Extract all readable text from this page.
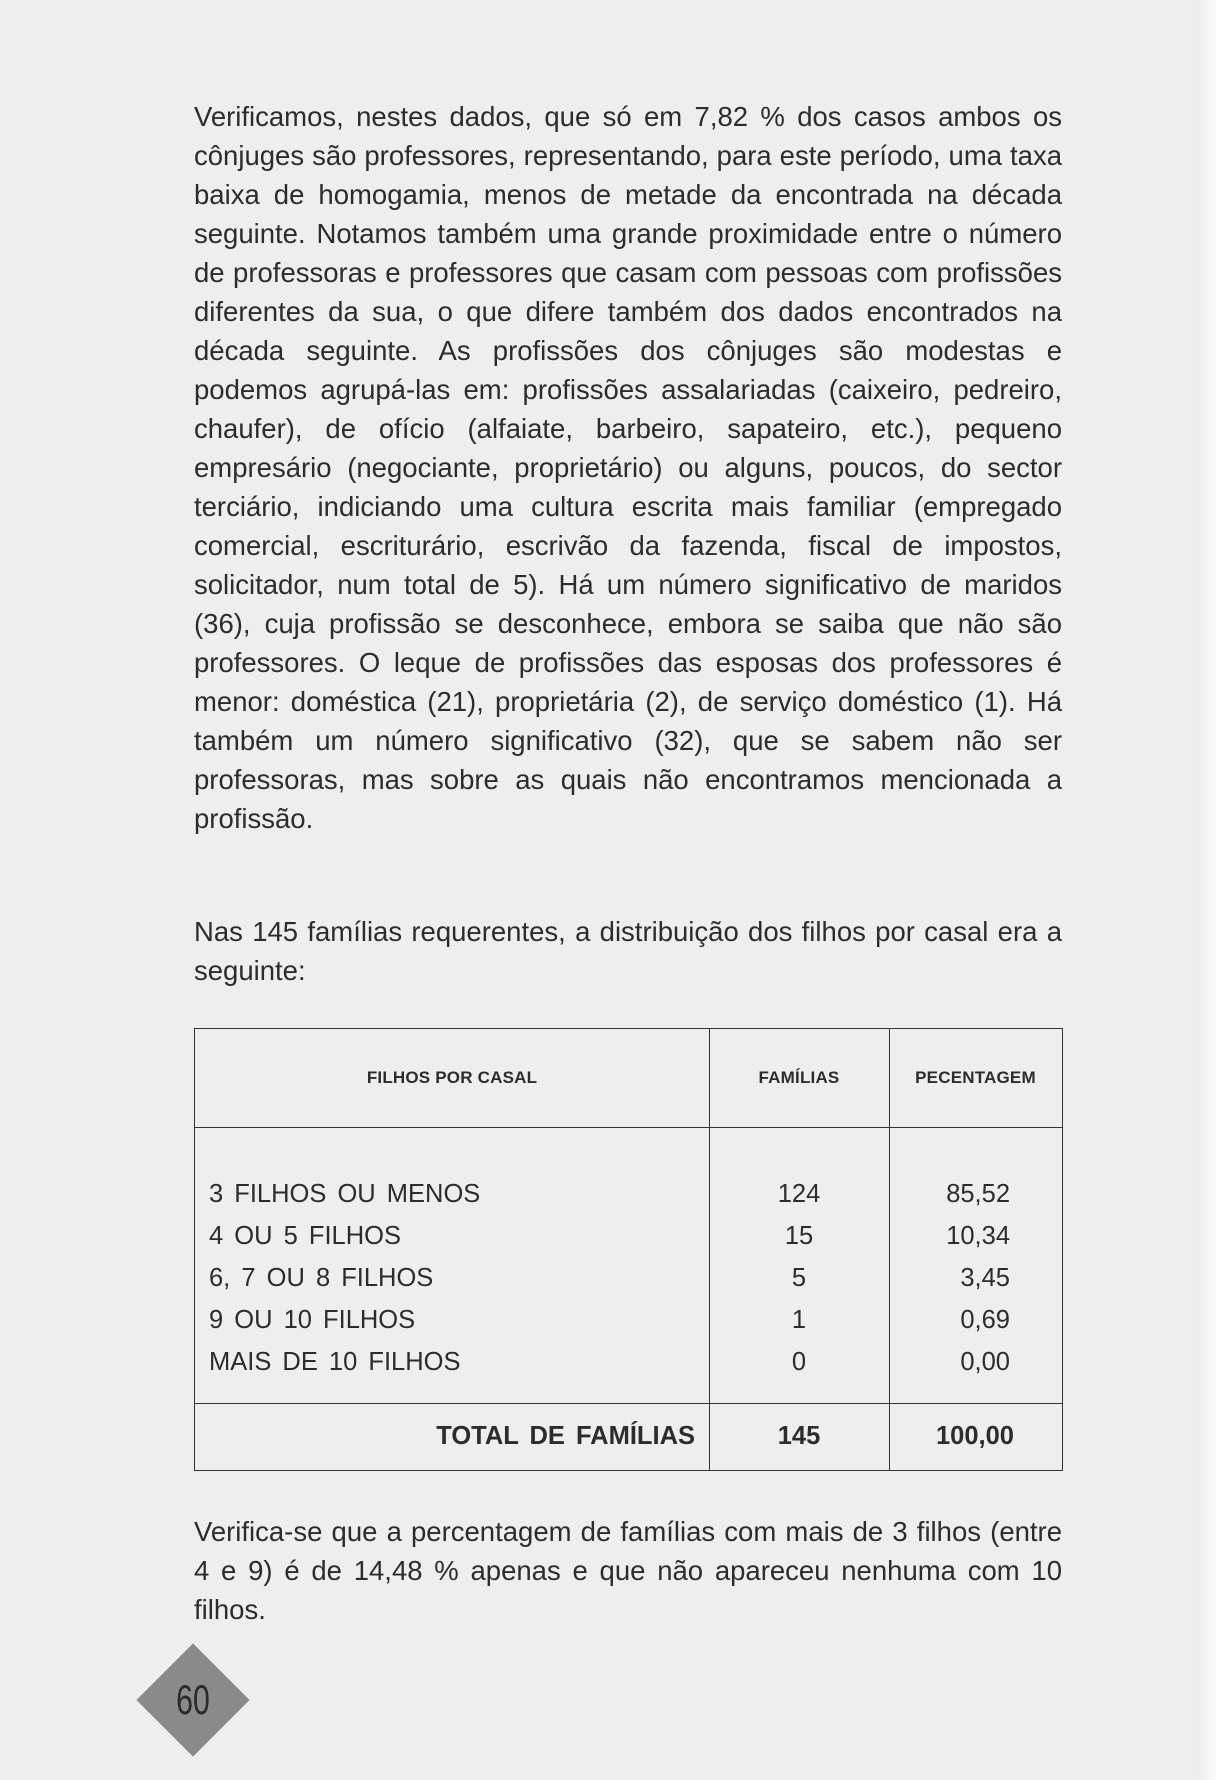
Verificamos, nestes dados, que só em 7,82 % dos casos ambos os cônjuges são professores, representando, para este período, uma taxa baixa de homogamia, menos de metade da encontrada na década seguinte. Notamos também uma grande proximidade entre o número de professoras e professores que casam com pessoas com profissões diferentes da sua, o que difere também dos dados encontrados na década seguinte. As profissões dos cônjuges são modestas e podemos agrupá-las em: profissões assalariadas (caixeiro, pedreiro, chaufer), de ofício (alfaiate, barbeiro, sapateiro, etc.), pequeno empresário (negociante, proprietário) ou alguns, poucos, do sector terciário, indiciando uma cultura escrita mais familiar (empregado comercial, escriturário, escrivão da fazenda, fiscal de impostos, solicitador, num total de 5). Há um número significativo de maridos (36), cuja profissão se desconhece, embora se saiba que não são professores. O leque de profissões das esposas dos professores é menor: doméstica (21), proprietária (2), de serviço doméstico (1). Há também um número significativo (32), que se sabem não ser professoras, mas sobre as quais não encontramos mencionada a profissão.

Nas 145 famílias requerentes, a distribuição dos filhos por casal era a seguinte:

FILHOS POR CASAL	FAMÍLIAS	PECENTAGEM
3 FILHOS OU MENOS	124	85,52
4 OU 5 FILHOS	15	10,34
6, 7 OU 8 FILHOS	5	3,45
9 OU 10 FILHOS	1	0,69
MAIS DE 10 FILHOS	0	0,00
TOTAL DE FAMÍLIAS	145	100,00

Verifica-se que a percentagem de famílias com mais de 3 filhos (entre 4 e 9) é de 14,48 % apenas e que não apareceu nenhuma com 10 filhos.

60
